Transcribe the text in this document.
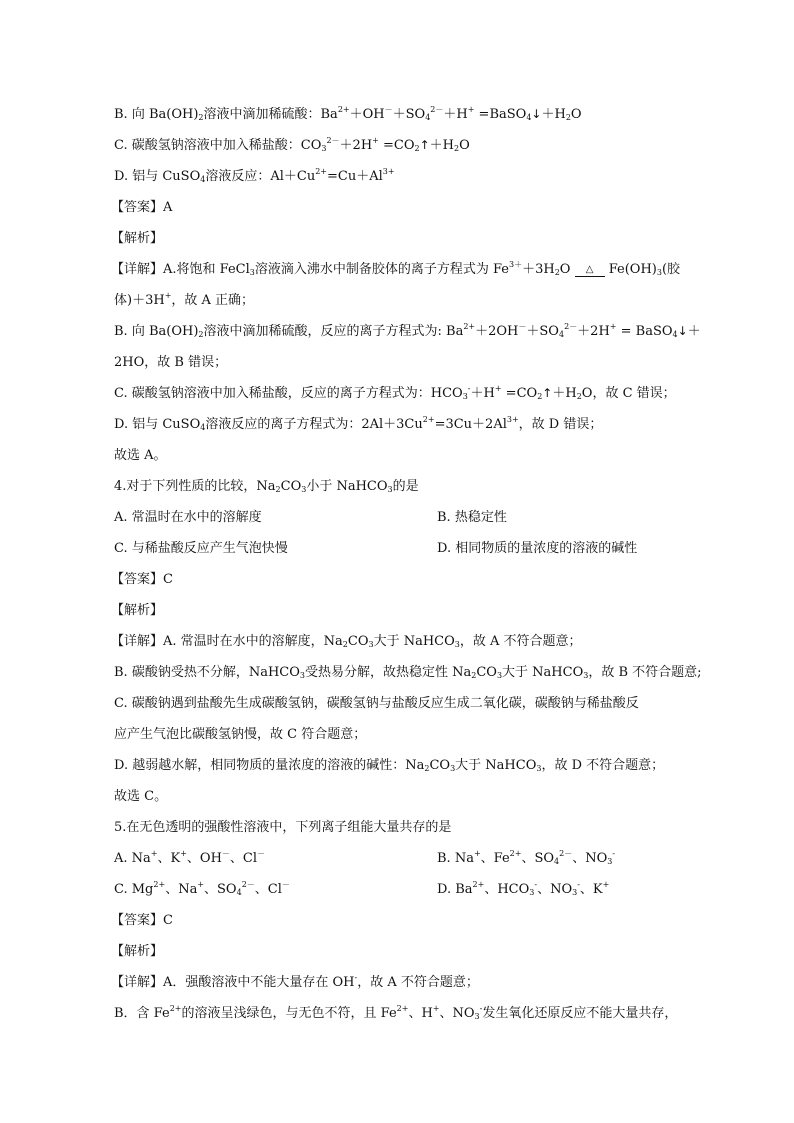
B. 向 $Ba(OH)_2$溶液中滴加稀硫酸：$Ba^{2+}+OH^-+SO_4^{2-}+H^+$ $=BaSO_4↓+H_2O$
C. 碳酸氢钠溶液中加入稀盐酸：$CO_3^{2-}+2H^+$ $=CO_2↑+H_2O$
D. 铝与 CuSO$_4$溶液反应：$Al+Cu^{2+}=Cu+Al^{3+}$
【答案】A
【解析】
【详解】A.将饱和 FeCl$_3$溶液滴入沸水中制备胶体的离子方程式为 $Fe^{3+}+3H_2O$ △ $Fe(OH)_3$(胶
体)＋3H+，故 A 正确；
B. 向 $Ba(OH)_2$溶液中滴加稀硫酸，反应的离子方程式为: $Ba^{2+}+2OH^-+SO_4^{2-}+2H^+$ = BaSO$_4$↓＋
2HO，故 B 错误；
C. 碳酸氢钠溶液中加入稀盐酸，反应的离子方程式为：$HCO_3^-+H^+$ $=CO_2↑+H_2O$，故 C 错误；
D. 铝与 CuSO$_4$溶液反应的离子方程式为：$2Al+3Cu^{2+}=3Cu+2Al^{3+}$，故 D 错误；
故选 A。
4.对于下列性质的比较，$Na_2CO_3$小于 NaHCO$_3$的是
A. 常温时在水中的溶解度	B. 热稳定性
C. 与稀盐酸反应产生气泡快慢	D. 相同物质的量浓度的溶液的碱性
【答案】C
【解析】
【详解】A. 常温时在水中的溶解度，$Na_2CO_3$大于 NaHCO$_3$，故 A 不符合题意；
B. 碳酸钠受热不分解，NaHCO$_3$受热易分解，故热稳定性 $Na_2CO_3$大于 NaHCO$_3$，故 B 不符合题意;
C. 碳酸钠遇到盐酸先生成碳酸氢钠，碳酸氢钠与盐酸反应生成二氧化碳，碳酸钠与稀盐酸反
应产生气泡比碳酸氢钠慢，故 C 符合题意；
D. 越弱越水解，相同物质的量浓度的溶液的碱性：$Na_2CO_3$大于 NaHCO$_3$，故 D 不符合题意；
故选 C。
5.在无色透明的强酸性溶液中，下列离子组能大量共存的是
A. Na+、K+、OH－、Cl－	B. Na+、$Fe^{2+}$、$SO_4^{2-}$、$NO_3^-$
C. $Mg^{2+}$、Na+、$SO_4^{2-}$、Cl－	D. $Ba^{2+}$、$HCO_3^-$、$NO_3^-$、K+
【答案】C
【解析】
【详解】A．强酸溶液中不能大量存在 OH-，故 A 不符合题意；
B．含 $Fe^{2+}$的溶液呈浅绿色，与无色不符，且 $Fe^{2+}$、H+、$NO_3^-$发生氧化还原反应不能大量共存，
